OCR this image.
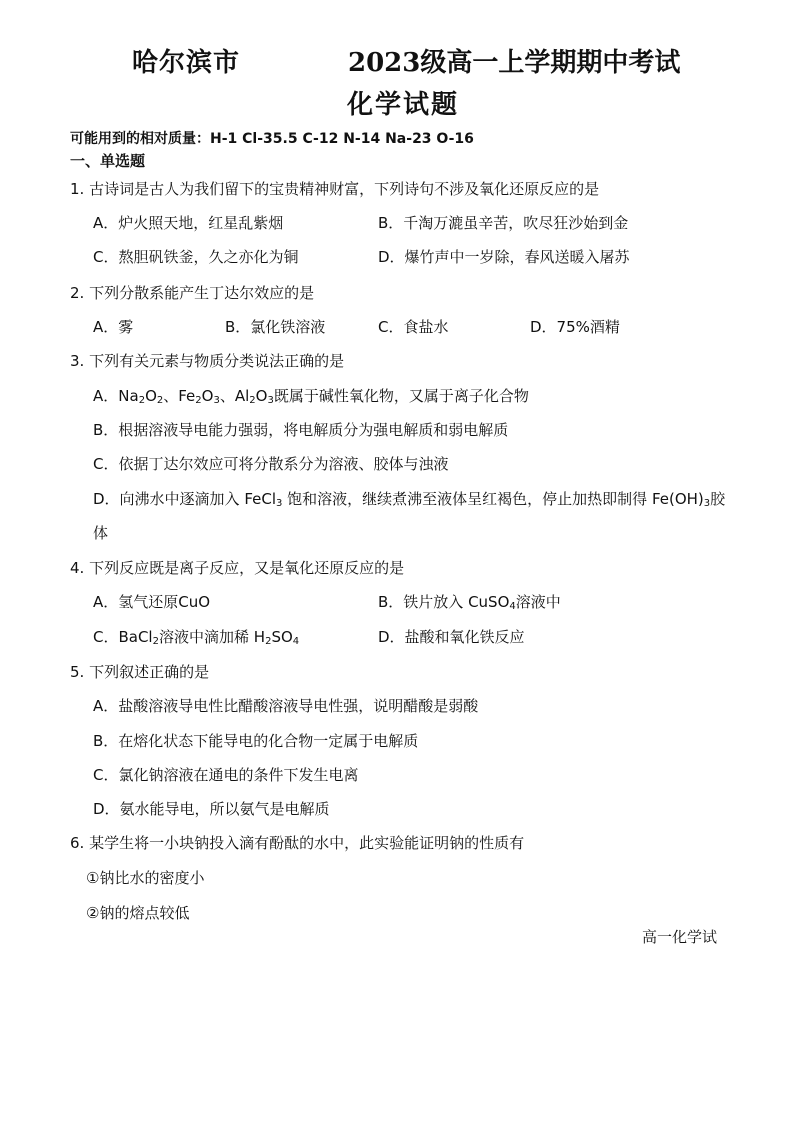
哈尔滨市	2023级高一上学期期中考试
化学试题
可能用到的相对质量：H-1 Cl-35.5 C-12 N-14 Na-23 O-16
一、单选题
1. 古诗词是古人为我们留下的宝贵精神财富，下列诗句不涉及氧化还原反应的是
A．炉火照天地，红星乱紫烟	B．千淘万漉虽辛苦，吹尽狂沙始到金
C．熬胆矾铁釜，久之亦化为铜	D．爆竹声中一岁除，春风送暖入屠苏
2. 下列分散系能产生丁达尔效应的是
A．雾	B．氯化铁溶液	C．食盐水	D．75%酒精
3. 下列有关元素与物质分类说法正确的是
A．$Na_2O_2$、$Fe_2O_3$、$Al_2O_3$既属于碱性氧化物，又属于离子化合物
B．根据溶液导电能力强弱，将电解质分为强电解质和弱电解质
C．依据丁达尔效应可将分散系分为溶液、胶体与浊液
D．向沸水中逐滴加入 FeCl$_3$ 饱和溶液，继续煮沸至液体呈红褐色，停止加热即制得 $Fe(OH)_3$胶
体
4. 下列反应既是离子反应，又是氧化还原反应的是
A．氢气还原CuO	B．铁片放入 CuSO$_4$溶液中
C．BaCl$_2$溶液中滴加稀 $H_2SO_4$	D．盐酸和氧化铁反应
5. 下列叙述正确的是
A．盐酸溶液导电性比醋酸溶液导电性强，说明醋酸是弱酸
B．在熔化状态下能导电的化合物一定属于电解质
C．氯化钠溶液在通电的条件下发生电离
D．氨水能导电，所以氨气是电解质
6. 某学生将一小块钠投入滴有酚酞的水中，此实验能证明钠的性质有
①钠比水的密度小
②钠的熔点较低
高一化学试
